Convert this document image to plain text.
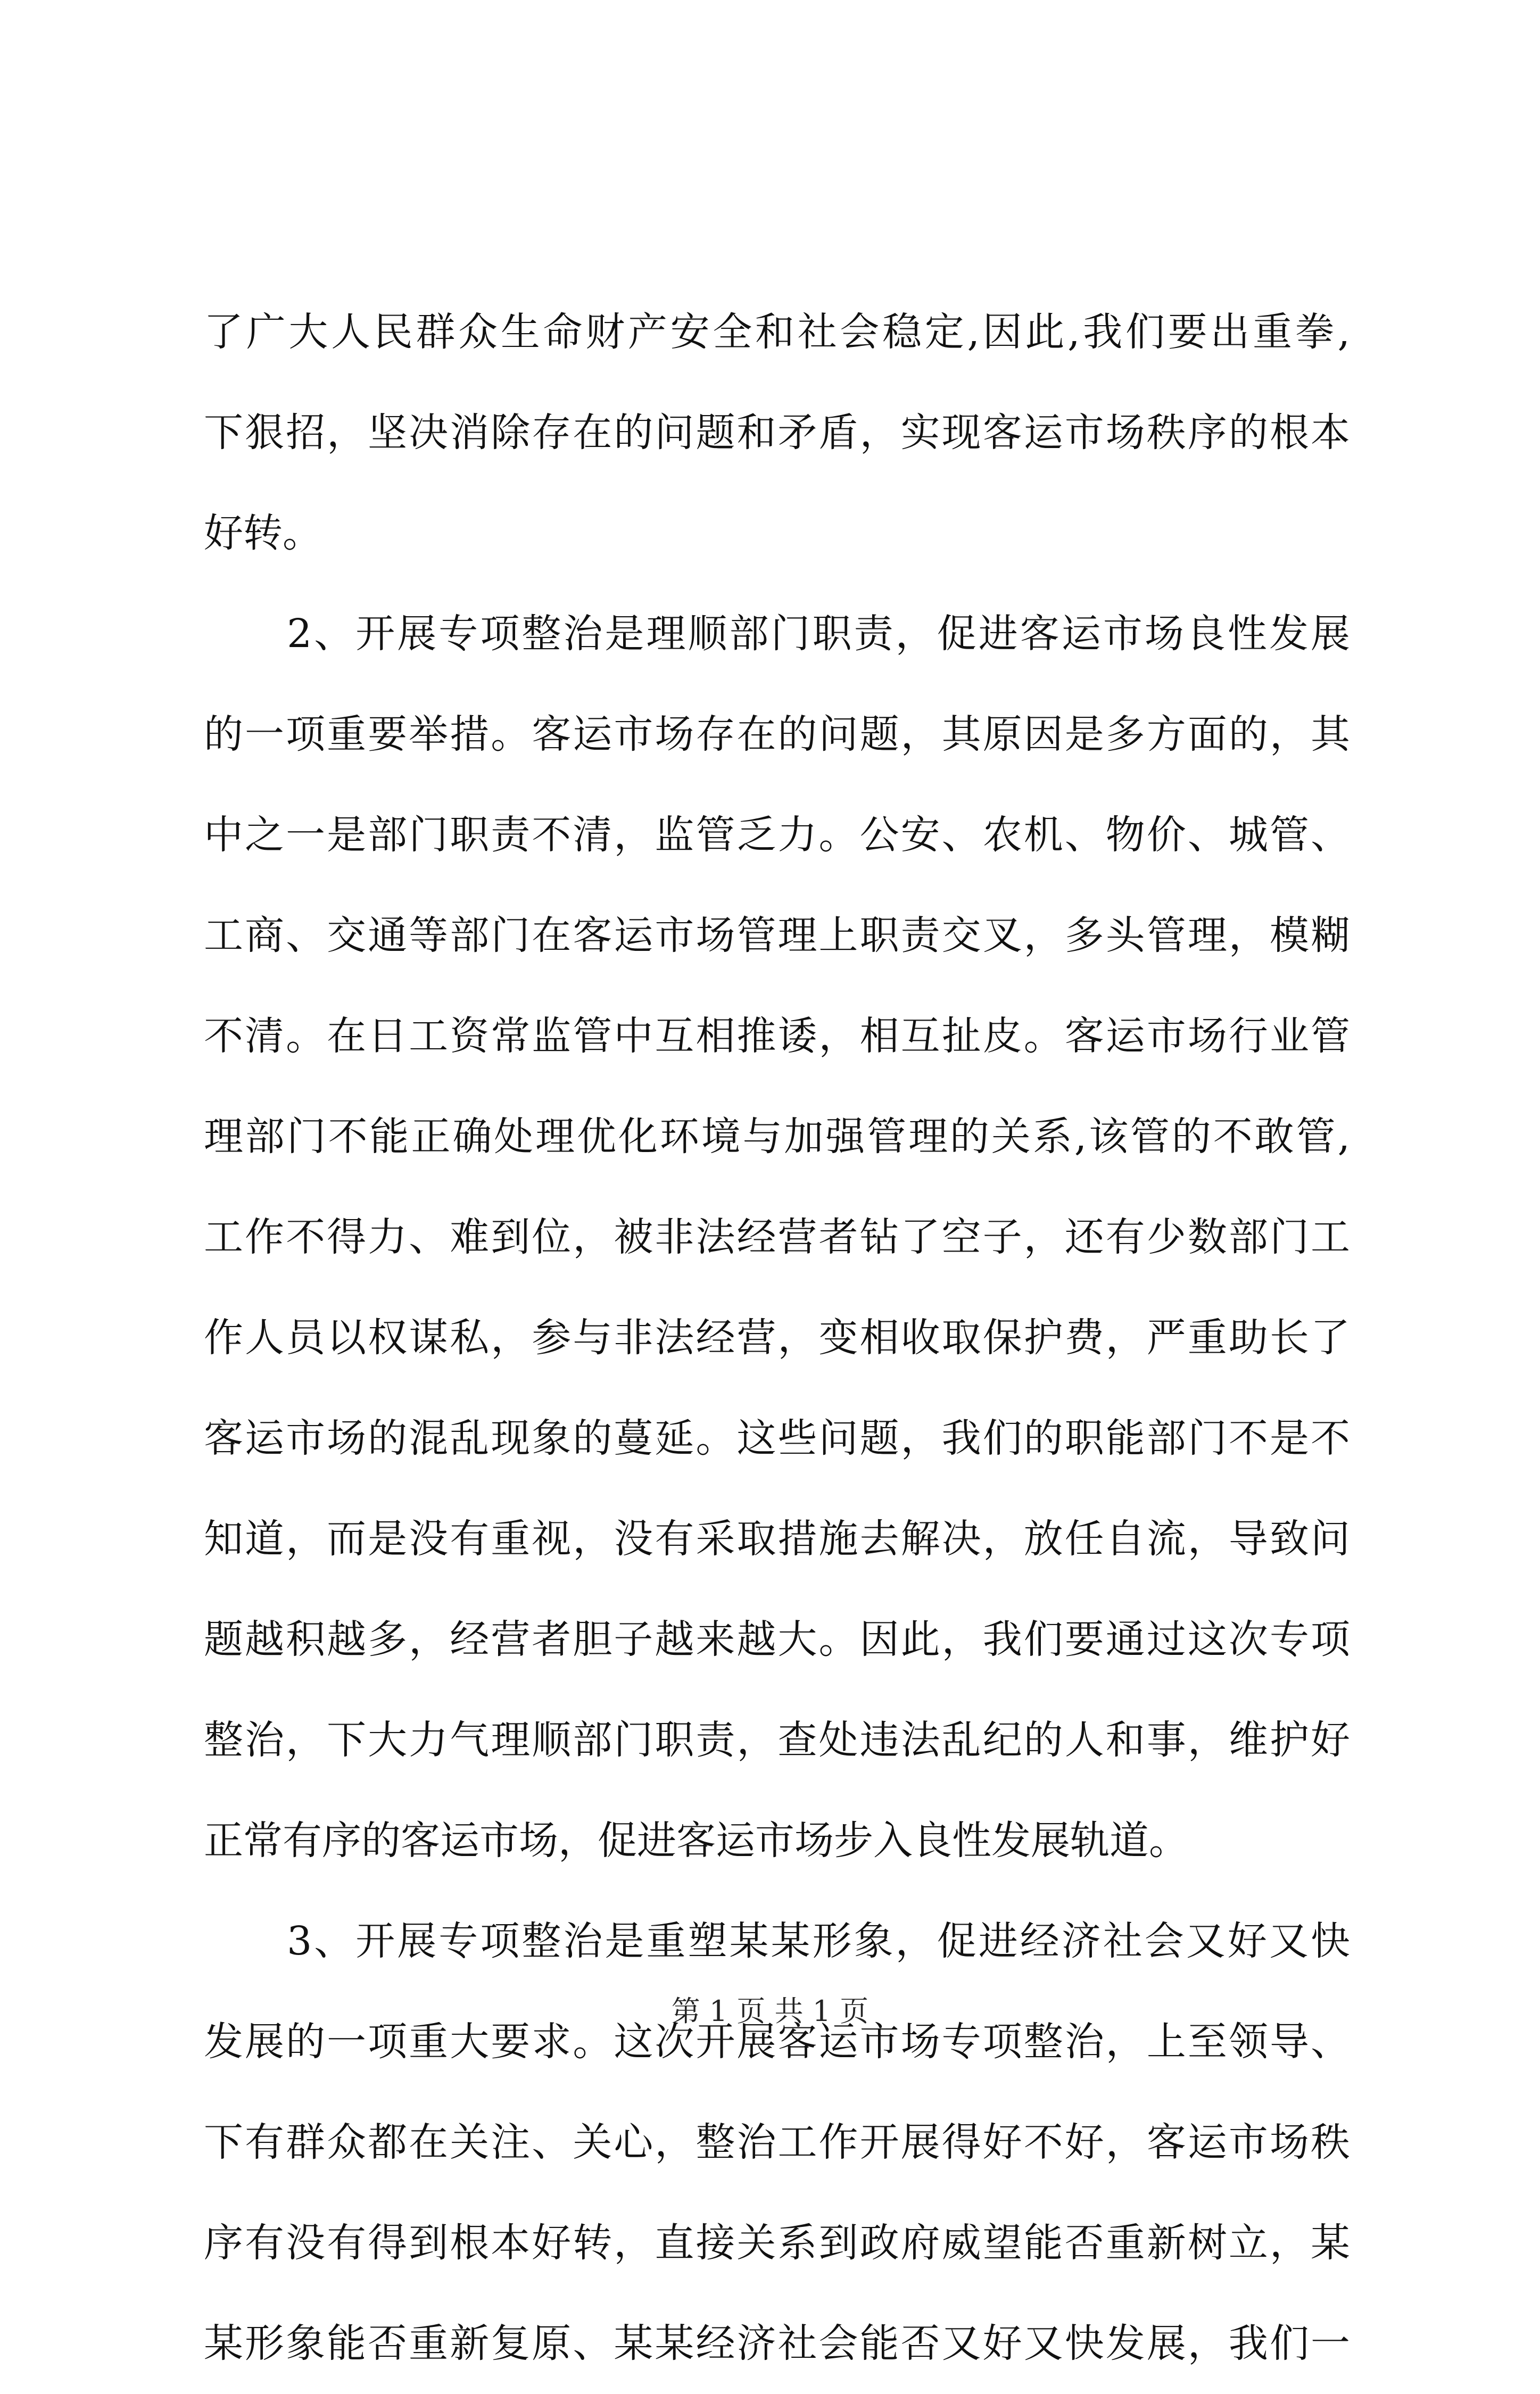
了广大人民群众生命财产安全和社会稳定,因此,我们要出重拳,
下狠招，坚决消除存在的问题和矛盾，实现客运市场秩序的根本
好转。
　　2、开展专项整治是理顺部门职责，促进客运市场良性发展
的一项重要举措。客运市场存在的问题，其原因是多方面的，其
中之一是部门职责不清，监管乏力。公安、农机、物价、城管、
工商、交通等部门在客运市场管理上职责交叉，多头管理，模糊
不清。在日工资常监管中互相推诿，相互扯皮。客运市场行业管
理部门不能正确处理优化环境与加强管理的关系,该管的不敢管,
工作不得力、难到位，被非法经营者钻了空子，还有少数部门工
作人员以权谋私，参与非法经营，变相收取保护费，严重助长了
客运市场的混乱现象的蔓延。这些问题，我们的职能部门不是不
知道，而是没有重视，没有采取措施去解决，放任自流，导致问
题越积越多，经营者胆子越来越大。因此，我们要通过这次专项
整治，下大力气理顺部门职责，查处违法乱纪的人和事，维护好
正常有序的客运市场，促进客运市场步入良性发展轨道。
　　3、开展专项整治是重塑某某形象，促进经济社会又好又快
发展的一项重大要求。这次开展客运市场专项整治，上至领导、
下有群众都在关注、关心，整治工作开展得好不好，客运市场秩
序有没有得到根本好转，直接关系到政府威望能否重新树立，某
某形象能否重新复原、某某经济社会能否又好又快发展，我们一
第 1 页 共 1 页
